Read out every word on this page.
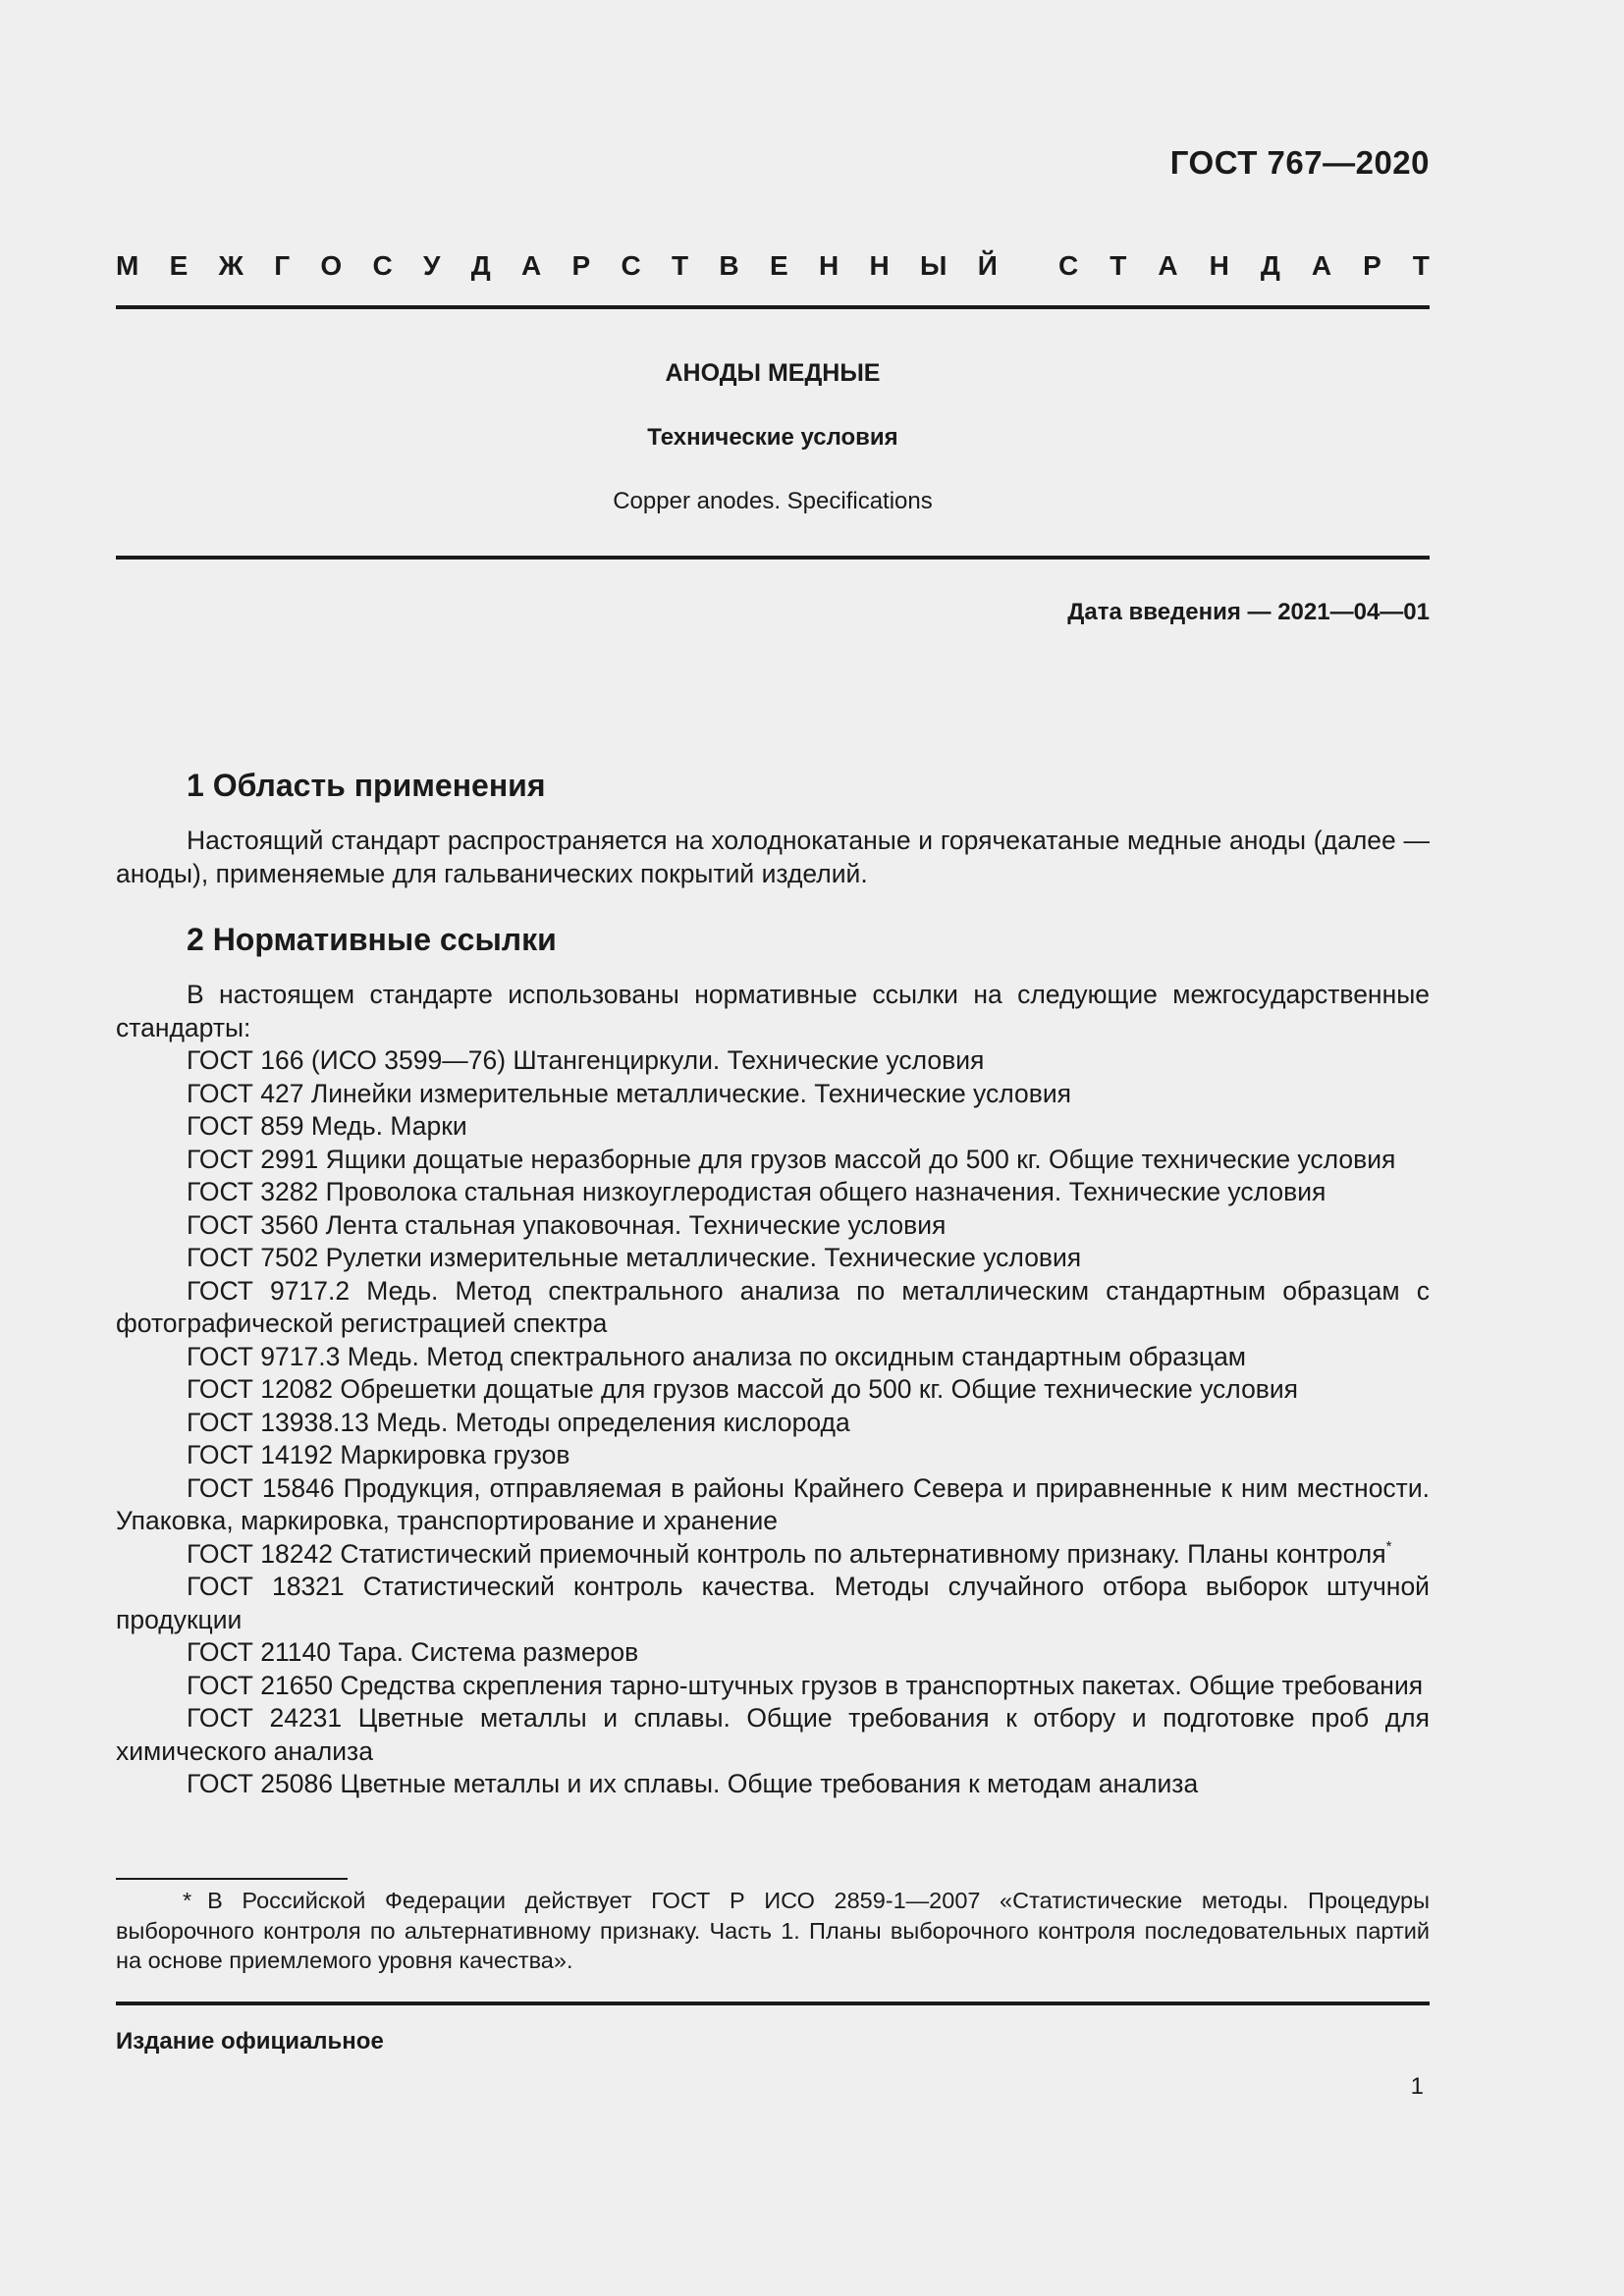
ГОСТ 767—2020
М Е Ж Г О С У Д А Р С Т В Е Н Н Ы Й С Т А Н Д А Р Т
АНОДЫ МЕДНЫЕ
Технические условия
Copper anodes. Specifications
Дата введения — 2021—04—01
1 Область применения

Настоящий стандарт распространяется на холоднокатаные и горячекатаные медные аноды (далее — аноды), применяемые для гальванических покрытий изделий.

2 Нормативные ссылки

В настоящем стандарте использованы нормативные ссылки на следующие межгосударственные стандарты:

ГОСТ 166 (ИСО 3599—76) Штангенциркули. Технические условия

ГОСТ 427 Линейки измерительные металлические. Технические условия

ГОСТ 859 Медь. Марки

ГОСТ 2991 Ящики дощатые неразборные для грузов массой до 500 кг. Общие технические условия

ГОСТ 3282 Проволока стальная низкоуглеродистая общего назначения. Технические условия

ГОСТ 3560 Лента стальная упаковочная. Технические условия

ГОСТ 7502 Рулетки измерительные металлические. Технические условия

ГОСТ 9717.2 Медь. Метод спектрального анализа по металлическим стандартным образцам с фотографической регистрацией спектра

ГОСТ 9717.3 Медь. Метод спектрального анализа по оксидным стандартным образцам

ГОСТ 12082 Обрешетки дощатые для грузов массой до 500 кг. Общие технические условия

ГОСТ 13938.13 Медь. Методы определения кислорода

ГОСТ 14192 Маркировка грузов

ГОСТ 15846 Продукция, отправляемая в районы Крайнего Севера и приравненные к ним местности. Упаковка, маркировка, транспортирование и хранение

ГОСТ 18242 Статистический приемочный контроль по альтернативному признаку. Планы контроля*

ГОСТ 18321 Статистический контроль качества. Методы случайного отбора выборок штучной продукции

ГОСТ 21140 Тара. Система размеров

ГОСТ 21650 Средства скрепления тарно-штучных грузов в транспортных пакетах. Общие требования

ГОСТ 24231 Цветные металлы и сплавы. Общие требования к отбору и подготовке проб для химического анализа

ГОСТ 25086 Цветные металлы и их сплавы. Общие требования к методам анализа

* В Российской Федерации действует ГОСТ Р ИСО 2859-1—2007 «Статистические методы. Процедуры выборочного контроля по альтернативному признаку. Часть 1. Планы выборочного контроля последовательных партий на основе приемлемого уровня качества».

Издание официальное
1
